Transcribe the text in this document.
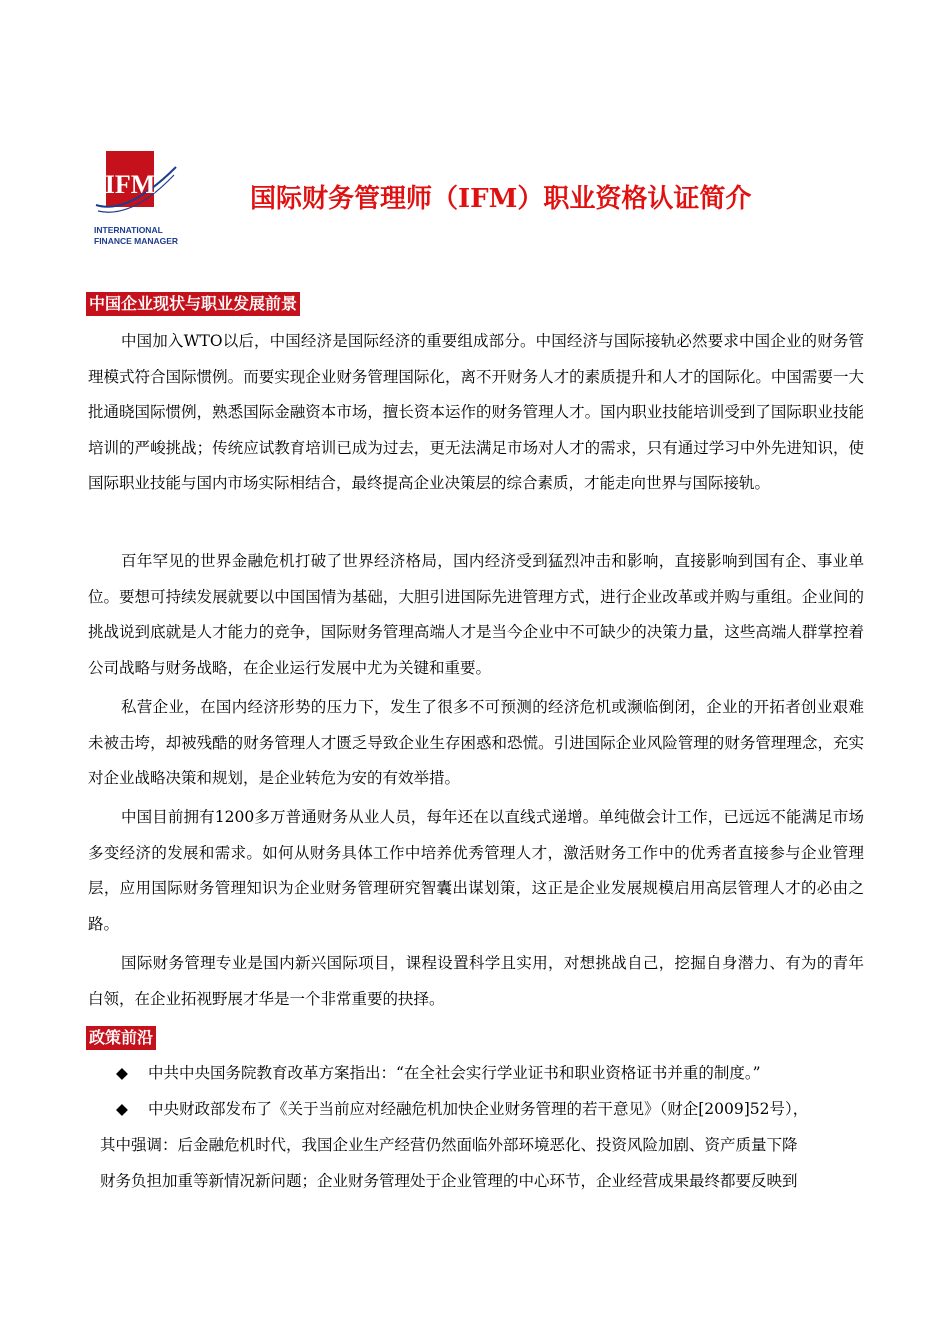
IFM
INTERNATIONAL
FINANCE MANAGER
国际财务管理师（IFM）职业资格认证简介
中国企业现状与职业发展前景

中国加入WTO以后，中国经济是国际经济的重要组成部分。中国经济与国际接轨必然要求中国企业的财务管理模式符合国际惯例。而要实现企业财务管理国际化，离不开财务人才的素质提升和人才的国际化。中国需要一大批通晓国际惯例，熟悉国际金融资本市场，擅长资本运作的财务管理人才。国内职业技能培训受到了国际职业技能培训的严峻挑战；传统应试教育培训已成为过去，更无法满足市场对人才的需求，只有通过学习中外先进知识，使国际职业技能与国内市场实际相结合，最终提高企业决策层的综合素质，才能走向世界与国际接轨。

百年罕见的世界金融危机打破了世界经济格局，国内经济受到猛烈冲击和影响，直接影响到国有企、事业单位。要想可持续发展就要以中国国情为基础，大胆引进国际先进管理方式，进行企业改革或并购与重组。企业间的挑战说到底就是人才能力的竞争，国际财务管理高端人才是当今企业中不可缺少的决策力量，这些高端人群掌控着公司战略与财务战略，在企业运行发展中尤为关键和重要。

私营企业，在国内经济形势的压力下，发生了很多不可预测的经济危机或濒临倒闭，企业的开拓者创业艰难未被击垮，却被残酷的财务管理人才匮乏导致企业生存困惑和恐慌。引进国际企业风险管理的财务管理理念，充实对企业战略决策和规划，是企业转危为安的有效举措。

中国目前拥有1200多万普通财务从业人员，每年还在以直线式递增。单纯做会计工作，已远远不能满足市场多变经济的发展和需求。如何从财务具体工作中培养优秀管理人才，激活财务工作中的优秀者直接参与企业管理层，应用国际财务管理知识为企业财务管理研究智囊出谋划策，这正是企业发展规模启用高层管理人才的必由之路。

国际财务管理专业是国内新兴国际项目，课程设置科学且实用，对想挑战自己，挖掘自身潜力、有为的青年白领，在企业拓视野展才华是一个非常重要的抉择。

政策前沿

◆ 中共中央国务院教育改革方案指出：“在全社会实行学业证书和职业资格证书并重的制度。”

◆ 中央财政部发布了《关于当前应对经融危机加快企业财务管理的若干意见》（财企[2009]52号），

其中强调：后金融危机时代，我国企业生产经营仍然面临外部环境恶化、投资风险加剧、资产质量下降

财务负担加重等新情况新问题；企业财务管理处于企业管理的中心环节，企业经营成果最终都要反映到
